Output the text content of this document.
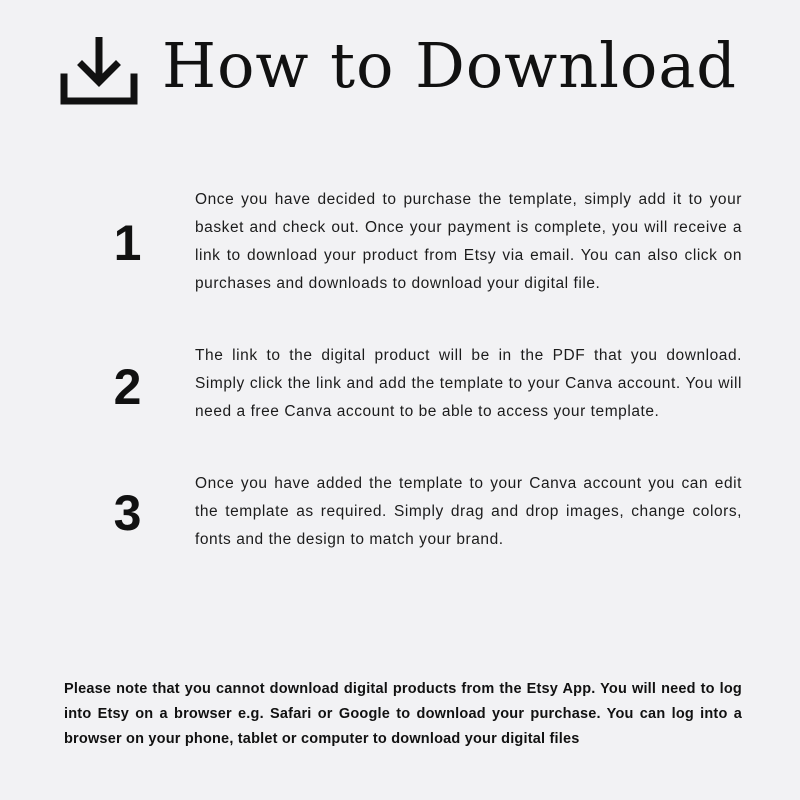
How to Download
1
Once you have decided to purchase the template, simply add it to your basket and check out. Once your payment is complete, you will receive a link to download your product from Etsy via email. You can also click on purchases and downloads to download your digital file.
2
The link to the digital product will be in the PDF that you download. Simply click the link and add the template to your Canva account. You will need a free Canva account to be able to access your template.
3
Once you have added the template to your Canva account you can edit the template as required. Simply drag and drop images, change colors, fonts and the design to match your brand.
Please note that you cannot download digital products from the Etsy App. You will need to log into Etsy on a browser e.g. Safari or Google to download your purchase. You can log into a browser on your phone, tablet or computer to download your digital files
